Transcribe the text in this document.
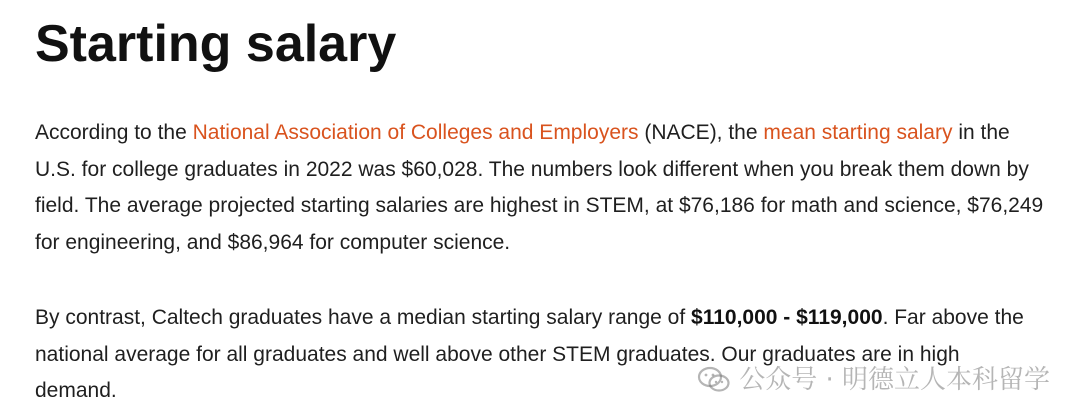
Starting salary

According to the National Association of Colleges and Employers (NACE), the mean starting salary in the U.S. for college graduates in 2022 was $60,028. The numbers look different when you break them down by field. The average projected starting salaries are highest in STEM, at $76,186 for math and science, $76,249 for engineering, and $86,964 for computer science.

By contrast, Caltech graduates have a median starting salary range of $110,000 - $119,000. Far above the national average for all graduates and well above other STEM graduates. Our graduates are in high demand.	公众号 · 明德立人本科留学
